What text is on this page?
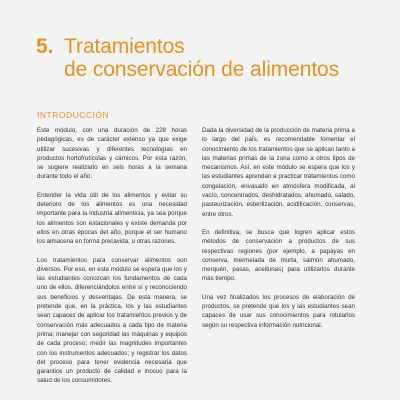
5. Tratamientos
de conservación de alimentos
INTRODUCCIÓN

Este módulo, con una duración de 228 horas pedagógicas, es de carácter extenso ya que exige utilizar sucesivas y diferentes tecnologías en productos hortofrutícolas y cárnicos. Por esta razón, se sugiere realizarlo en seis horas a la semana durante todo el año.

Entender la vida útil de los alimentos y evitar su deterioro de los alimentos es una necesidad importante para la industria alimenticia, ya sea porque los alimentos son estacionales y existe demanda por ellos en otras épocas del año, porque el ser humano los almacena en forma precavida, u otras razones.

Los tratamientos para conservar alimentos son diversos. Por eso, en este módulo se espera que los y las estudiantes conozcan los fundamentos de cada uno de ellos, diferenciándolos entre sí y reconociendo sus beneficios y desventajas. De esta manera, se pretende que, en la práctica, los y las estudiantes sean capaces de aplicar los tratamientos previos y de conservación más adecuados a cada tipo de materia prima; manejar con seguridad las máquinas y equipos de cada proceso; medir las magnitudes importantes con los instrumentos adecuados; y registrar los datos del proceso para tener evidencia necesaria que garantice un producto de calidad e inocuo para la salud de los consumidores.

Dada la diversidad de la producción de materia prima a lo largo del país, es recomendable fomentar el conocimiento de los tratamientos que se aplican tanto a las materias primas de la zona como a otros tipos de mecanismos. Así, en este módulo se espera que los y las estudiantes aprendan a practicar tratamientos como congelación, envasado en atmósfera modificada, al vacío, concentrados, deshidratados, ahumado, salado, pasteurización, esterilización, acidificación, conservas, entre otros.

En definitiva, se busca que logren aplicar estos métodos de conservación a productos de sus respectivas regiones (por ejemplo, a papayas en conserva, mermelada de murta, salmón ahumado, merquén, pasas, aceitunas) para utilizarlos durante más tiempo.

Una vez finalizados los procesos de elaboración de productos, se pretende que los y las estudiantes sean capaces de usar sus conocimientos para rotularlos según su respectiva información nutricional.
